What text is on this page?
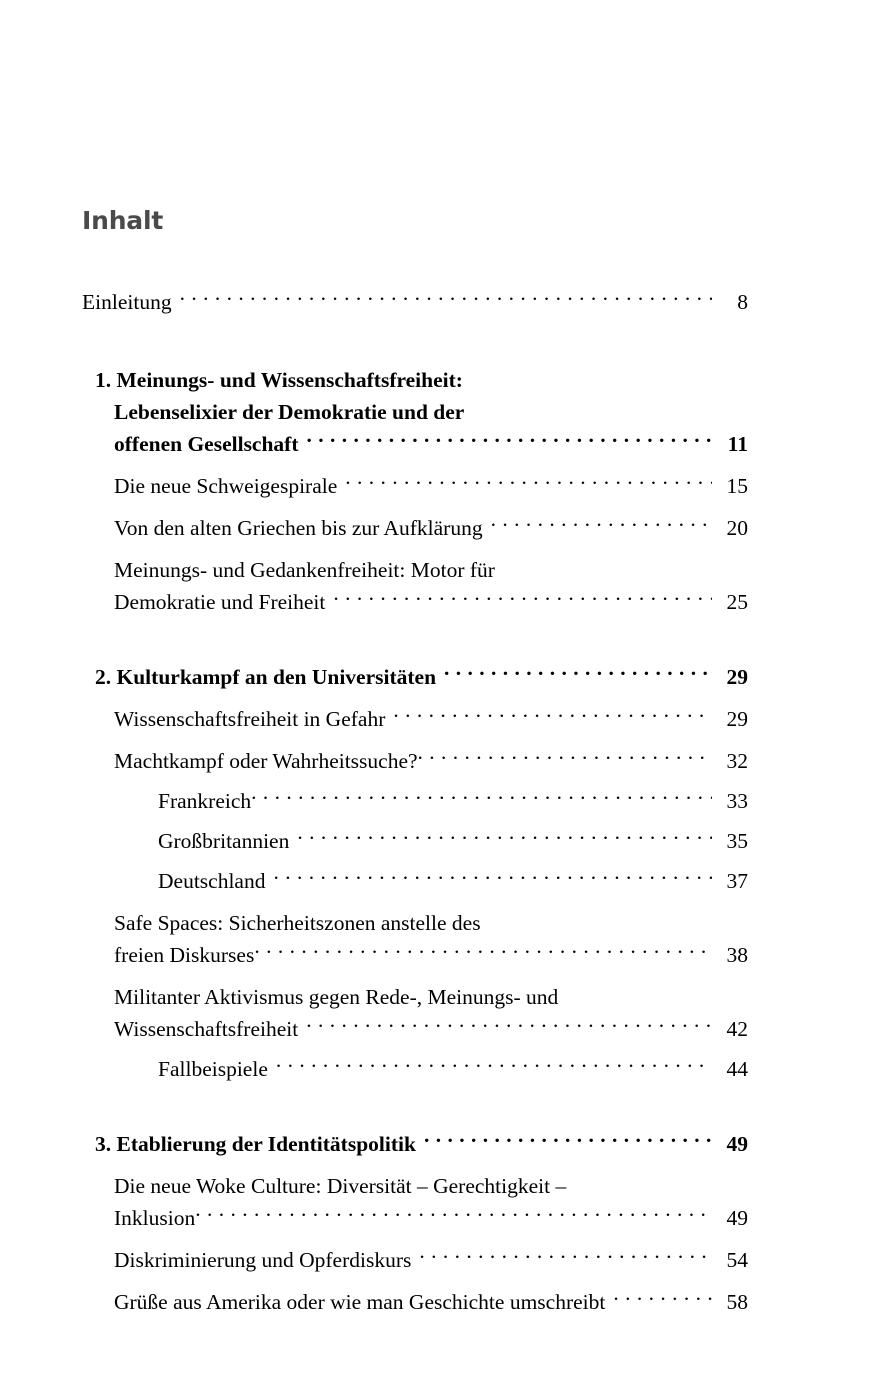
Inhalt
Einleitung . . .	8
1. Meinungs- und Wissenschaftsfreiheit:
Lebenselixier der Demokratie und der
offenen Gesellschaft . . .	11
Die neue Schweigespirale . . .	15
Von den alten Griechen bis zur Aufklärung . . .	20
Meinungs- und Gedankenfreiheit: Motor für
Demokratie und Freiheit . . .	25
2. Kulturkampf an den Universitäten . . .	29
Wissenschaftsfreiheit in Gefahr . . .	29
Machtkampf oder Wahrheitssuche? . . .	32
Frankreich . . .	33
Großbritannien . . .	35
Deutschland . . .	37
Safe Spaces: Sicherheitszonen anstelle des
freien Diskurses . . .	38
Militanter Aktivismus gegen Rede-, Meinungs- und
Wissenschaftsfreiheit . . .	42
Fallbeispiele . . .	44
3. Etablierung der Identitätspolitik . . .	49
Die neue Woke Culture: Diversität – Gerechtigkeit –
Inklusion . . .	49
Diskriminierung und Opferdiskurs . . .	54
Grüße aus Amerika oder wie man Geschichte umschreibt . . .	58
